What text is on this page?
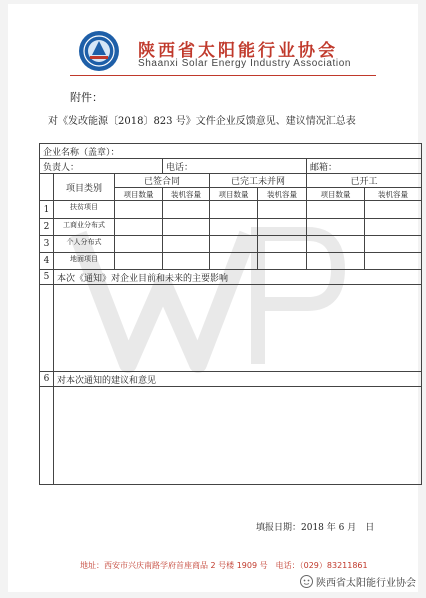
陕西省太阳能行业协会
Shaanxi Solar Energy Industry Association
附件：
对《发改能源〔2018〕823 号》文件企业反馈意见、建议情况汇总表
企业名称（盖章）：							
负责人：			电话：			邮箱：	
	项目类别	已签合同		已完工未并网		已开工	
		项目数量	装机容量	项目数量	装机容量	项目数量	装机容量
1	扶贫项目						
2	工商业分布式						
3	个人分布式						
4	地面项目						
5	本次《通知》对企业目前和未来的主要影响						

6	对本次通知的建议和意见						

填报日期：2018 年 6 月　日
地址：西安市兴庆南路学府首座商品 2 号楼 1909 号　电话：（029）83211861
陕西省太阳能行业协会
